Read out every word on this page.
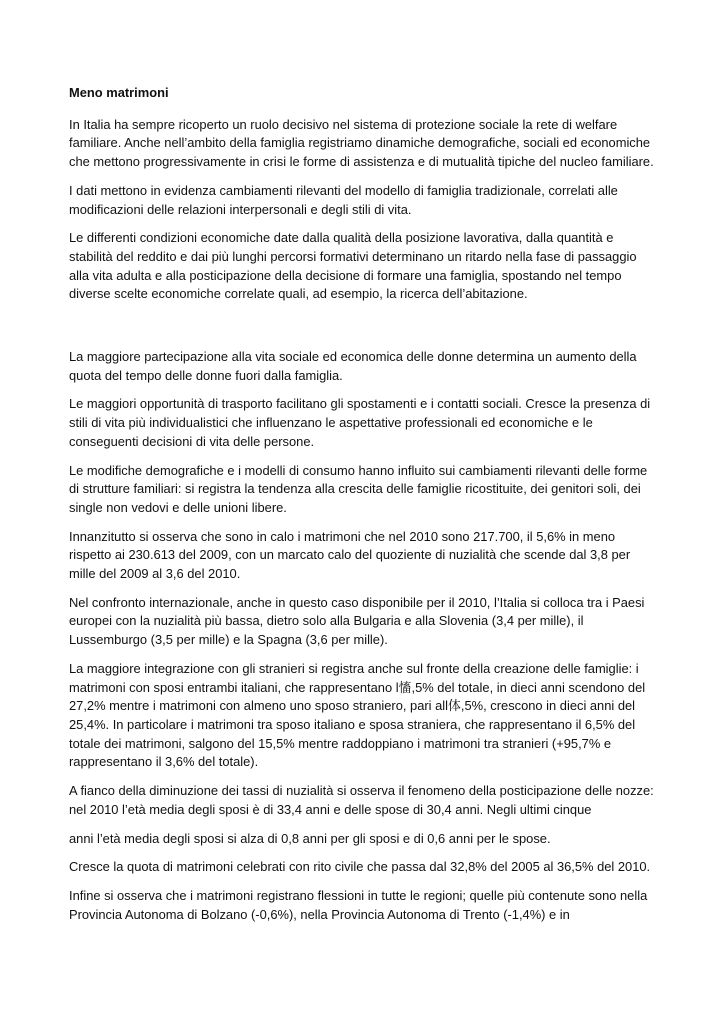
Meno matrimoni

In Italia ha sempre ricoperto un ruolo decisivo nel sistema di protezione sociale la rete di welfare familiare. Anche nell’ambito della famiglia registriamo dinamiche demografiche, sociali ed economiche che mettono progressivamente in crisi le forme di assistenza e di mutualità tipiche del nucleo familiare.

I dati mettono in evidenza cambiamenti rilevanti del modello di famiglia tradizionale, correlati alle modificazioni delle relazioni interpersonali e degli stili di vita.

Le differenti condizioni economiche date dalla qualità della posizione lavorativa, dalla quantità e stabilità del reddito e dai più lunghi percorsi formativi determinano un ritardo nella fase di passaggio alla vita adulta e alla posticipazione della decisione di formare una famiglia, spostando nel tempo diverse scelte economiche correlate quali, ad esempio, la ricerca dell’abitazione.

La maggiore partecipazione alla vita sociale ed economica delle donne determina un aumento della quota del tempo delle donne fuori dalla famiglia.

Le maggiori opportunità di trasporto facilitano gli spostamenti e i contatti sociali. Cresce la presenza di stili di vita più individualistici che influenzano le aspettative professionali ed economiche e le conseguenti decisioni di vita delle persone.

Le modifiche demografiche e i modelli di consumo hanno influito sui cambiamenti rilevanti delle forme di strutture familiari: si registra la tendenza alla crescita delle famiglie ricostituite, dei genitori soli, dei single non vedovi e delle unioni libere.

Innanzitutto si osserva che sono in calo i matrimoni che nel 2010 sono 217.700, il 5,6% in meno rispetto ai 230.613 del 2009, con un marcato calo del quoziente di nuzialità che scende dal 3,8 per mille del 2009 al 3,6 del 2010.

Nel confronto internazionale, anche in questo caso disponibile per il 2010, l’Italia si colloca tra i Paesi europei con la nuzialità più bassa, dietro solo alla Bulgaria e alla Slovenia (3,4 per mille), il Lussemburgo (3,5 per mille) e la Spagna (3,6 per mille).

La maggiore integrazione con gli stranieri si registra anche sul fronte della creazione delle famiglie: i matrimoni con sposi entrambi italiani, che rappresentano l慉,5% del totale, in dieci anni scendono del 27,2% mentre i matrimoni con almeno uno sposo straniero, pari all体,5%, crescono in dieci anni del 25,4%. In particolare i matrimoni tra sposo italiano e sposa straniera, che rappresentano il 6,5% del totale dei matrimoni, salgono del 15,5% mentre raddoppiano i matrimoni tra stranieri (+95,7% e rappresentano il 3,6% del totale).

A fianco della diminuzione dei tassi di nuzialità si osserva il fenomeno della posticipazione delle nozze: nel 2010 l’età media degli sposi è di 33,4 anni e delle spose di 30,4 anni. Negli ultimi cinque

anni l’età media degli sposi si alza di 0,8 anni per gli sposi e di 0,6 anni per le spose.

Cresce la quota di matrimoni celebrati con rito civile che passa dal 32,8% del 2005 al 36,5% del 2010.

Infine si osserva che i matrimoni registrano flessioni in tutte le regioni; quelle più contenute sono nella Provincia Autonoma di Bolzano (-0,6%), nella Provincia Autonoma di Trento (-1,4%) e in
